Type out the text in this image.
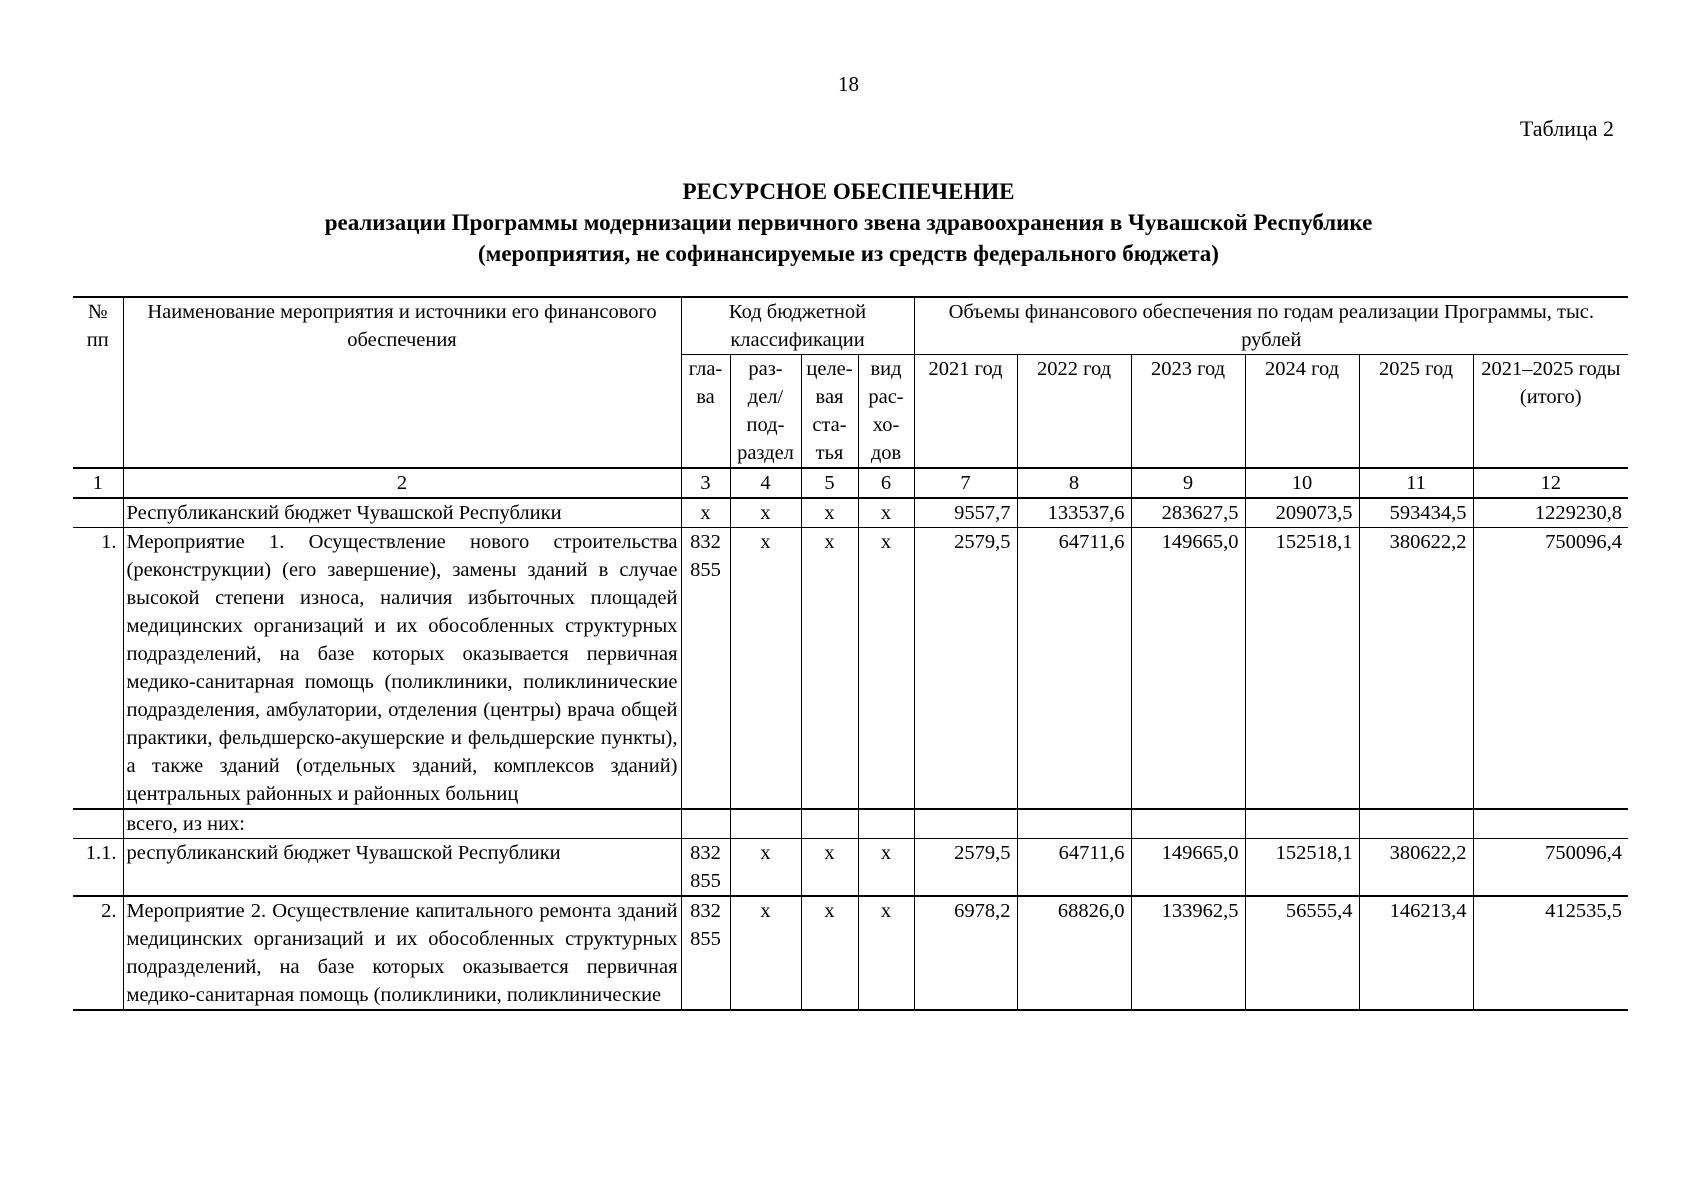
18
Таблица 2
РЕСУРСНОЕ ОБЕСПЕЧЕНИЕ
реализации Программы модернизации первичного звена здравоохранения в Чувашской Республике
(мероприятия, не софинансируемые из средств федерального бюджета)
№ пп	Наименование мероприятия и источники его финансового обеспечения	Код бюджетной классификации				Объемы финансового обеспечения по годам реализации Программы, тыс. рублей					
		гла-ва	раз-дел/ под-раздел	целе-вая ста-тья	вид рас-хо-дов	2021 год	2022 год	2023 год	2024 год	2025 год	2021–2025 годы (итого)
1	2	3	4	5	6	7	8	9	10	11	12
	Республиканский бюджет Чувашской Республики	х	х	х	х	9557,7	133537,6	283627,5	209073,5	593434,5	1229230,8
1.	Мероприятие 1. Осуществление нового строительства (реконструкции) (его завершение), замены зданий в случае высокой степени износа, наличия избыточных площадей медицинских организаций и их обособленных структурных подразделений, на базе которых оказывается первичная медико-санитарная помощь (поликлиники, поликлинические подразделения, амбулатории, отделения (центры) врача общей практики, фельдшерско-акушерские и фельдшерские пункты), а также зданий (отдельных зданий, комплексов зданий) центральных районных и районных больниц	832 855	х	х	х	2579,5	64711,6	149665,0	152518,1	380622,2	750096,4
	всего, из них:										
1.1.	республиканский бюджет Чувашской Республики	832 855	х	х	х	2579,5	64711,6	149665,0	152518,1	380622,2	750096,4
2.	Мероприятие 2. Осуществление капитального ремонта зданий медицинских организаций и их обособленных структурных подразделений, на базе которых оказывается первичная медико-санитарная помощь (поликлиники, поликлинические	832 855	х	х	х	6978,2	68826,0	133962,5	56555,4	146213,4	412535,5
